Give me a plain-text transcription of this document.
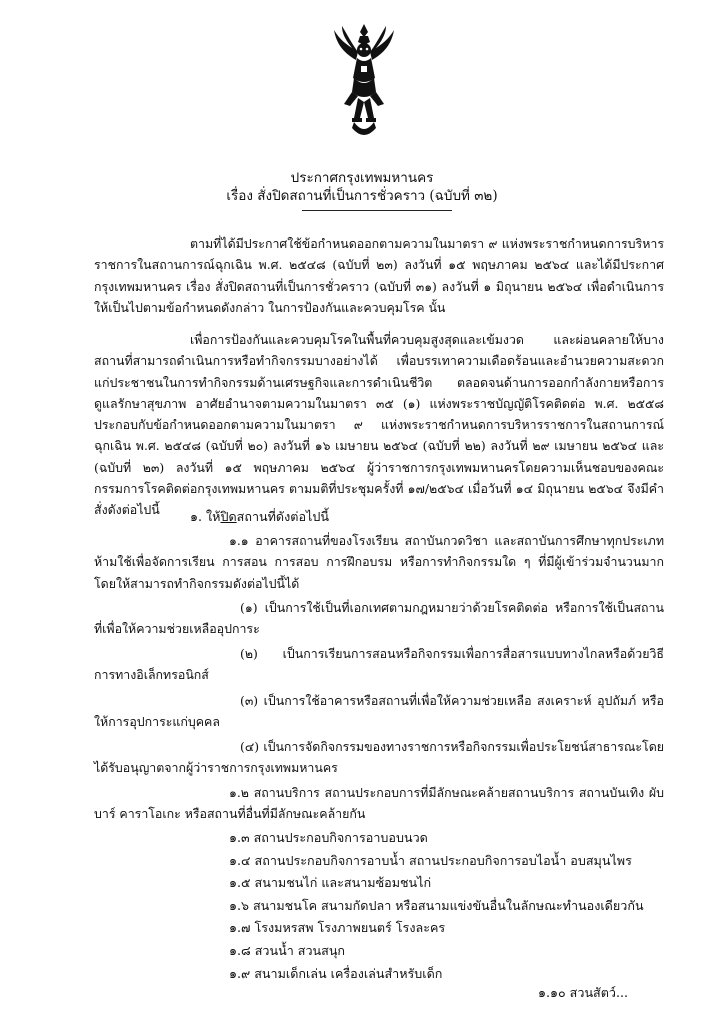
ประกาศกรุงเทพมหานคร
เรื่อง สั่งปิดสถานที่เป็นการชั่วคราว (ฉบับที่ ๓๒)
ตามที่ได้มีประกาศใช้ข้อกำหนดออกตามความในมาตรา ๙ แห่งพระราชกำหนดการบริหารราชการในสถานการณ์ฉุกเฉิน พ.ศ. ๒๕๔๘ (ฉบับที่ ๒๓) ลงวันที่ ๑๕ พฤษภาคม ๒๕๖๔ และได้มีประกาศกรุงเทพมหานคร เรื่อง สั่งปิดสถานที่เป็นการชั่วคราว (ฉบับที่ ๓๑) ลงวันที่ ๑ มิถุนายน ๒๕๖๔ เพื่อดำเนินการให้เป็นไปตามข้อกำหนดดังกล่าว ในการป้องกันและควบคุมโรค นั้น
เพื่อการป้องกันและควบคุมโรคในพื้นที่ควบคุมสูงสุดและเข้มงวด และผ่อนคลายให้บางสถานที่สามารถดำเนินการหรือทำกิจกรรมบางอย่างได้ เพื่อบรรเทาความเดือดร้อนและอำนวยความสะดวกแก่ประชาชนในการทำกิจกรรมด้านเศรษฐกิจและการดำเนินชีวิต ตลอดจนด้านการออกกำลังกายหรือการดูแลรักษาสุขภาพ อาศัยอำนาจตามความในมาตรา ๓๕ (๑) แห่งพระราชบัญญัติโรคติดต่อ พ.ศ. ๒๕๕๘ ประกอบกับข้อกำหนดออกตามความในมาตรา ๙ แห่งพระราชกำหนดการบริหารราชการในสถานการณ์ฉุกเฉิน พ.ศ. ๒๕๔๘ (ฉบับที่ ๒๐) ลงวันที่ ๑๖ เมษายน ๒๕๖๔ (ฉบับที่ ๒๒) ลงวันที่ ๒๙ เมษายน ๒๕๖๔ และ (ฉบับที่ ๒๓) ลงวันที่ ๑๕ พฤษภาคม ๒๕๖๔ ผู้ว่าราชการกรุงเทพมหานครโดยความเห็นชอบของคณะกรรมการโรคติดต่อกรุงเทพมหานคร ตามมติที่ประชุมครั้งที่ ๑๗/๒๕๖๔ เมื่อวันที่ ๑๔ มิถุนายน ๒๕๖๔ จึงมีคำสั่งดังต่อไปนี้	๑. ให้ปิดสถานที่ดังต่อไปนี้
๑.๑ อาคารสถานที่ของโรงเรียน สถาบันกวดวิชา และสถาบันการศึกษาทุกประเภท ห้ามใช้เพื่อจัดการเรียน การสอน การสอบ การฝึกอบรม หรือการทำกิจกรรมใด ๆ ที่มีผู้เข้าร่วมจำนวนมาก โดยให้สามารถทำกิจกรรมดังต่อไปนี้ได้
(๑) เป็นการใช้เป็นที่เอกเทศตามกฎหมายว่าด้วยโรคติดต่อ หรือการใช้เป็นสถานที่เพื่อให้ความช่วยเหลืออุปการะ
(๒) เป็นการเรียนการสอนหรือกิจกรรมเพื่อการสื่อสารแบบทางไกลหรือด้วยวิธีการทางอิเล็กทรอนิกส์
(๓) เป็นการใช้อาคารหรือสถานที่เพื่อให้ความช่วยเหลือ สงเคราะห์ อุปถัมภ์ หรือให้การอุปการะแก่บุคคล
(๔) เป็นการจัดกิจกรรมของทางราชการหรือกิจกรรมเพื่อประโยชน์สาธารณะโดยได้รับอนุญาตจากผู้ว่าราชการกรุงเทพมหานคร
๑.๒ สถานบริการ สถานประกอบการที่มีลักษณะคล้ายสถานบริการ สถานบันเทิง ผับ บาร์ คาราโอเกะ หรือสถานที่อื่นที่มีลักษณะคล้ายกัน
๑.๓ สถานประกอบกิจการอาบอบนวด
๑.๔ สถานประกอบกิจการอาบน้ำ สถานประกอบกิจการอบไอน้ำ อบสมุนไพร
๑.๕ สนามชนไก่ และสนามซ้อมชนไก่
๑.๖ สนามชนโค สนามกัดปลา หรือสนามแข่งขันอื่นในลักษณะทำนองเดียวกัน
๑.๗ โรงมหรสพ โรงภาพยนตร์ โรงละคร
๑.๘ สวนน้ำ สวนสนุก
๑.๙ สนามเด็กเล่น เครื่องเล่นสำหรับเด็ก
๑.๑๐ สวนสัตว์...
